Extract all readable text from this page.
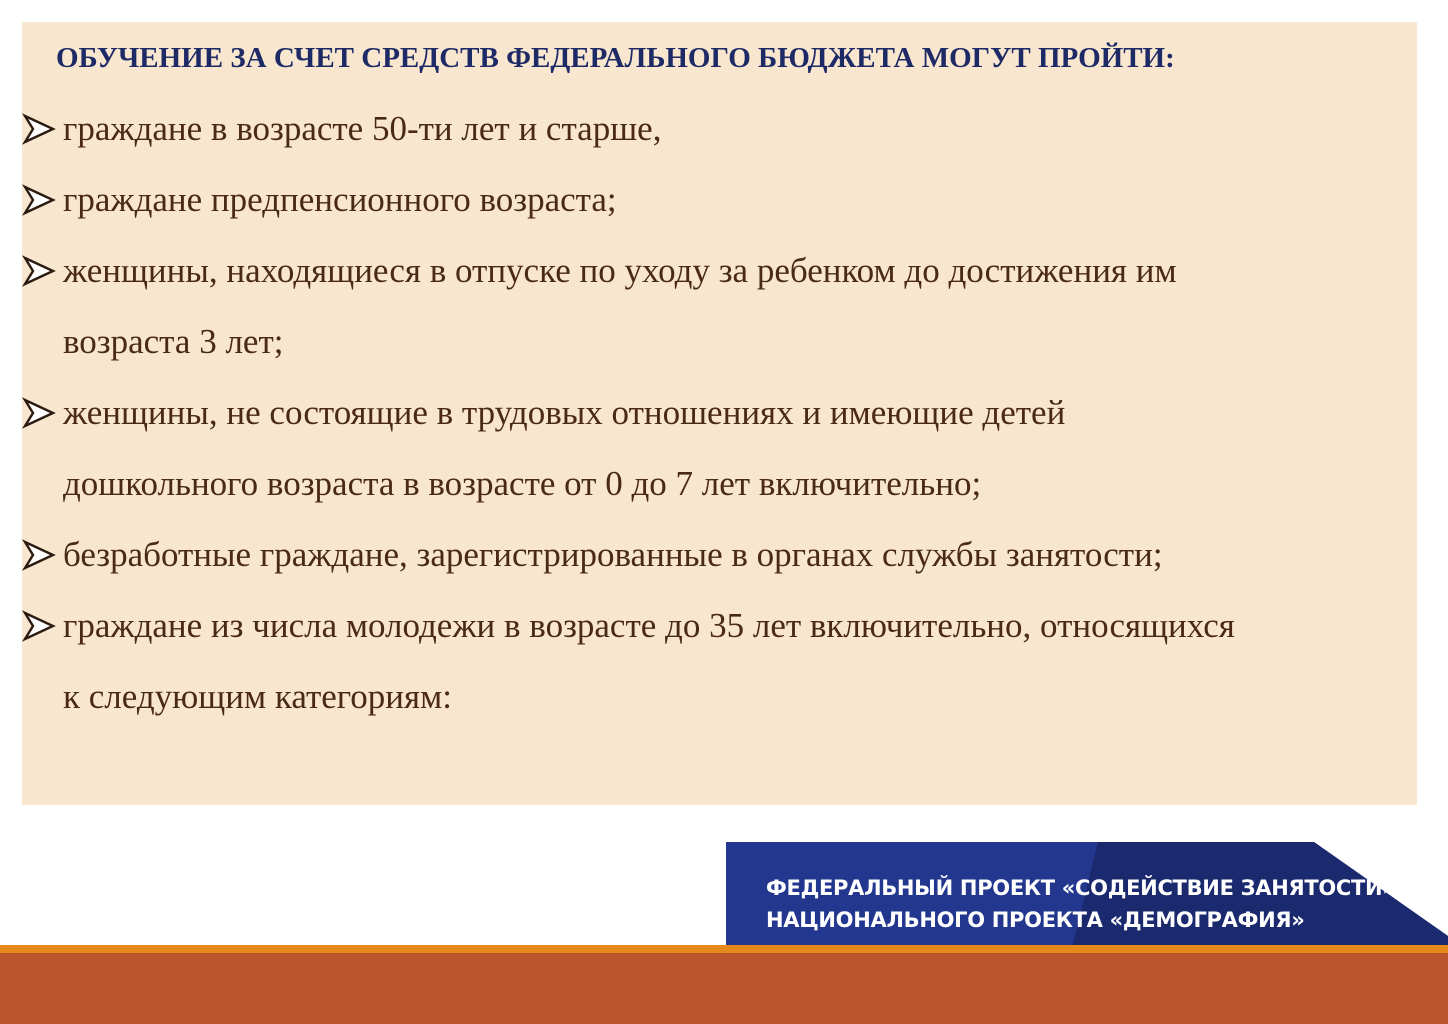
ОБУЧЕНИЕ ЗА СЧЕТ СРЕДСТВ ФЕДЕРАЛЬНОГО БЮДЖЕТА МОГУТ ПРОЙТИ:
граждане в возрасте 50-ти лет и старше,
граждане предпенсионного возраста;
женщины, находящиеся в отпуске по уходу за ребенком до достижения им
возраста 3 лет;
женщины, не состоящие в трудовых отношениях и имеющие детей
дошкольного возраста в возрасте от 0 до 7 лет включительно;
безработные граждане, зарегистрированные в органах службы занятости;
граждане из числа молодежи в возрасте до 35 лет включительно, относящихся
к следующим категориям:
ФЕДЕРАЛЬНЫЙ ПРОЕКТ «СОДЕЙСТВИЕ ЗАНЯТОСТИ»
НАЦИОНАЛЬНОГО ПРОЕКТА «ДЕМОГРАФИЯ»
